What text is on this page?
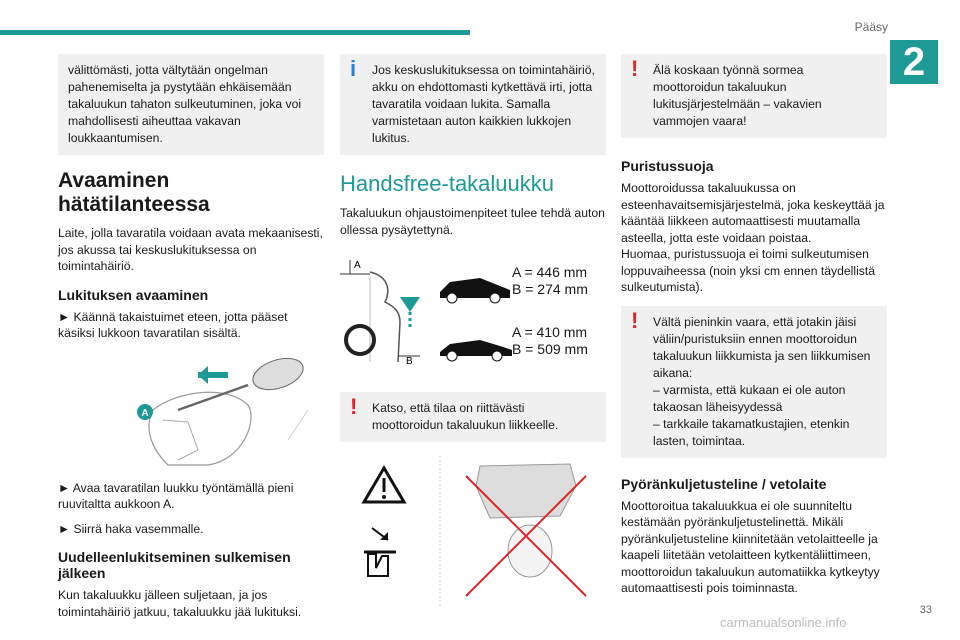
Pääsy
2
välittömästi, jotta vältytään ongelman pahenemiselta ja pystytään ehkäisemään takaluukun tahaton sulkeutuminen, joka voi mahdollisesti aiheuttaa vakavan loukkaantumisen.
Avaaminen hätätilanteessa

Laite, jolla tavaratila voidaan avata mekaanisesti, jos akussa tai keskuslukituksessa on toimintahäiriö.

Lukituksen avaaminen

► Käännä takaistuimet eteen, jotta pääset käsiksi lukkoon tavaratilan sisältä.

A

► Avaa tavaratilan luukku työntämällä pieni ruuvitaltta aukkoon A.

► Siirrä haka vasemmalle.

Uudelleenlukitseminen sulkemisen jälkeen

Kun takaluukku jälleen suljetaan, ja jos toimintahäiriö jatkuu, takaluukku jää lukituksi.

i Jos keskuslukituksessa on toimintahäiriö, akku on ehdottomasti kytkettävä irti, jotta tavaratila voidaan lukita. Samalla varmistetaan auton kaikkien lukkojen lukitus.
Handsfree-takaluukku

Takaluukun ohjaustoimenpiteet tulee tehdä auton ollessa pysäytettynä.

A
B
A = 446 mm
B = 274 mm
A = 410 mm
B = 509 mm
! Katso, että tilaa on riittävästi moottoroidun takaluukun liikkeelle.
! Älä koskaan työnnä sormea moottoroidun takaluukun lukitusjärjestelmään – vakavien vammojen vaara!
Puristussuoja

Moottoroidussa takaluukussa on esteenhavaitsemisjärjestelmä, joka keskeyttää ja kääntää liikkeen automaattisesti muutamalla asteella, jotta este voidaan poistaa.

Huomaa, puristussuoja ei toimi sulkeutumisen loppuvaiheessa (noin yksi cm ennen täydellistä sulkeutumista).

! Vältä pieninkin vaara, että jotakin jäisi väliin/puristuksiin ennen moottoroidun takaluukun liikkumista ja sen liikkumisen aikana:
– varmista, että kukaan ei ole auton takaosan läheisyydessä
– tarkkaile takamatkustajien, etenkin lasten, toimintaa.
Pyöränkuljetusteline / vetolaite

Moottoroitua takaluukkua ei ole suunniteltu kestämään pyöränkuljetustelinettä. Mikäli pyöränkuljetusteline kiinnitetään vetolaitteelle ja kaapeli liitetään vetolaitteen kytkentäliittimeen, moottoroidun takaluukun automatiikka kytkeytyy automaattisesti pois toiminnasta.

33
carmanualsonline.info
